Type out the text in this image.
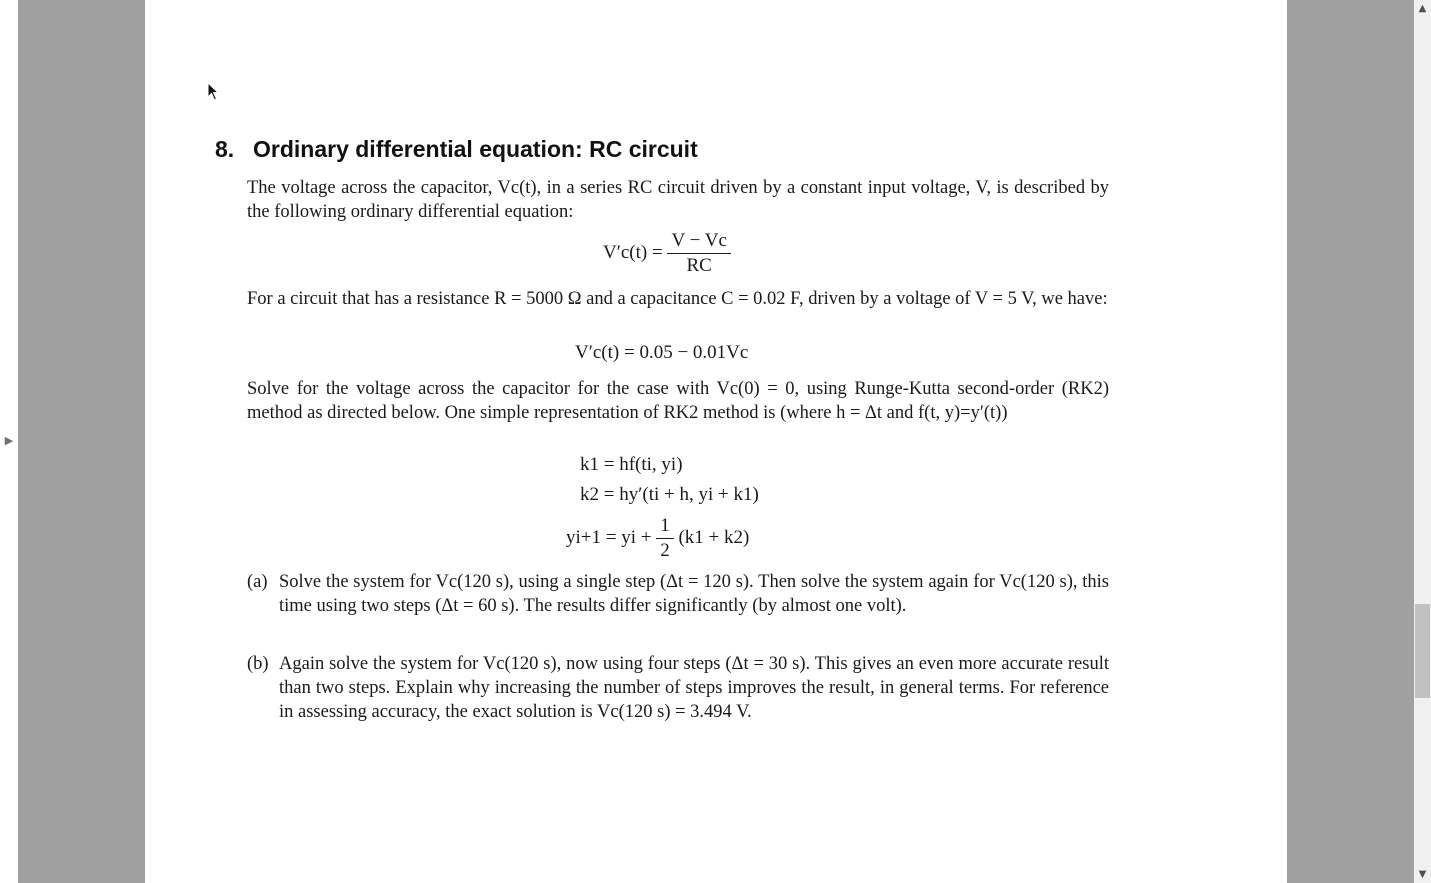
▶
8. Ordinary differential equation: RC circuit
The voltage across the capacitor, Vc(t), in a series RC circuit driven by a constant input voltage, V, is described by the following ordinary differential equation:
$V'c(t) = \frac{V - Vc}{RC}$
For a circuit that has a resistance R = 5000 Ω and a capacitance C = 0.02 F, driven by a voltage of V = 5 V, we have:
V′c(t) = 0.05 − 0.01Vc
Solve for the voltage across the capacitor for the case with Vc(0) = 0, using Runge-Kutta second-order (RK2) method as directed below. One simple representation of RK2 method is (where h = Δt and f(t, y)=y′(t))
k1 = hf(ti, yi)
k2 = hy′(ti + h, yi + k1)
yi+1 = yi + $\frac{1}{2} (k1 + k2)$
(a) Solve the system for Vc(120 s), using a single step (Δt = 120 s). Then solve the system again for Vc(120 s), this time using two steps (Δt = 60 s). The results differ significantly (by almost one volt).
(b) Again solve the system for Vc(120 s), now using four steps (Δt = 30 s). This gives an even more accurate result than two steps. Explain why increasing the number of steps improves the result, in general terms. For reference in assessing accuracy, the exact solution is Vc(120 s) = 3.494 V.
▲
▼
